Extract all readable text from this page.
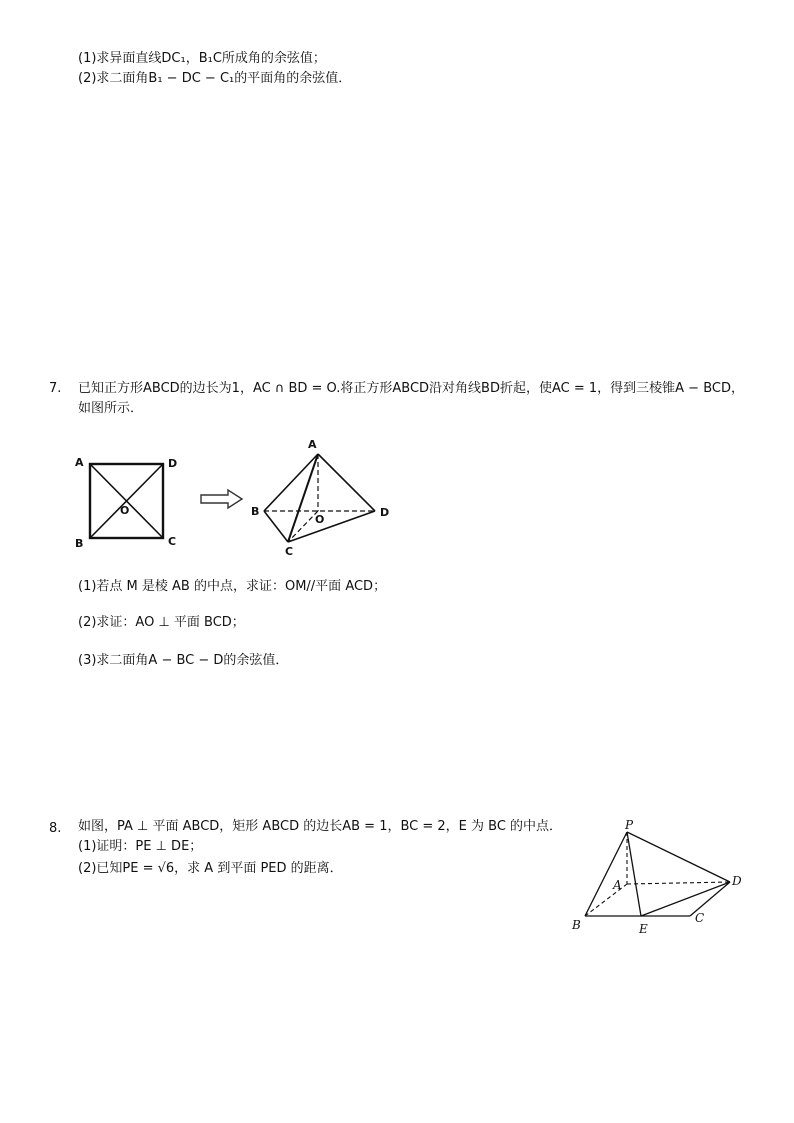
(1)求异面直线DC₁，B₁C所成角的余弦值；
(2)求二面角B₁ − DC − C₁的平面角的余弦值．
7. 已知正方形ABCD的边长为1，AC ∩ BD = O.将正方形ABCD沿对角线BD折起，使AC = 1，得到三棱锥A − BCD，
如图所示．
A	D
B	C
O
A
B	D
C
O
(1)若点 M 是棱 AB 的中点，求证：OM//平面 ACD；
(2)求证：AO ⊥ 平面 BCD；
(3)求二面角A − BC − D的余弦值．
8. 如图，PA ⊥ 平面 ABCD，矩形 ABCD 的边长AB = 1，BC = 2，E 为 BC 的中点．
(1)证明：PE ⊥ DE；
(2)已知PE = √6，求 A 到平面 PED 的距离．
P
A
B	E
C
D
